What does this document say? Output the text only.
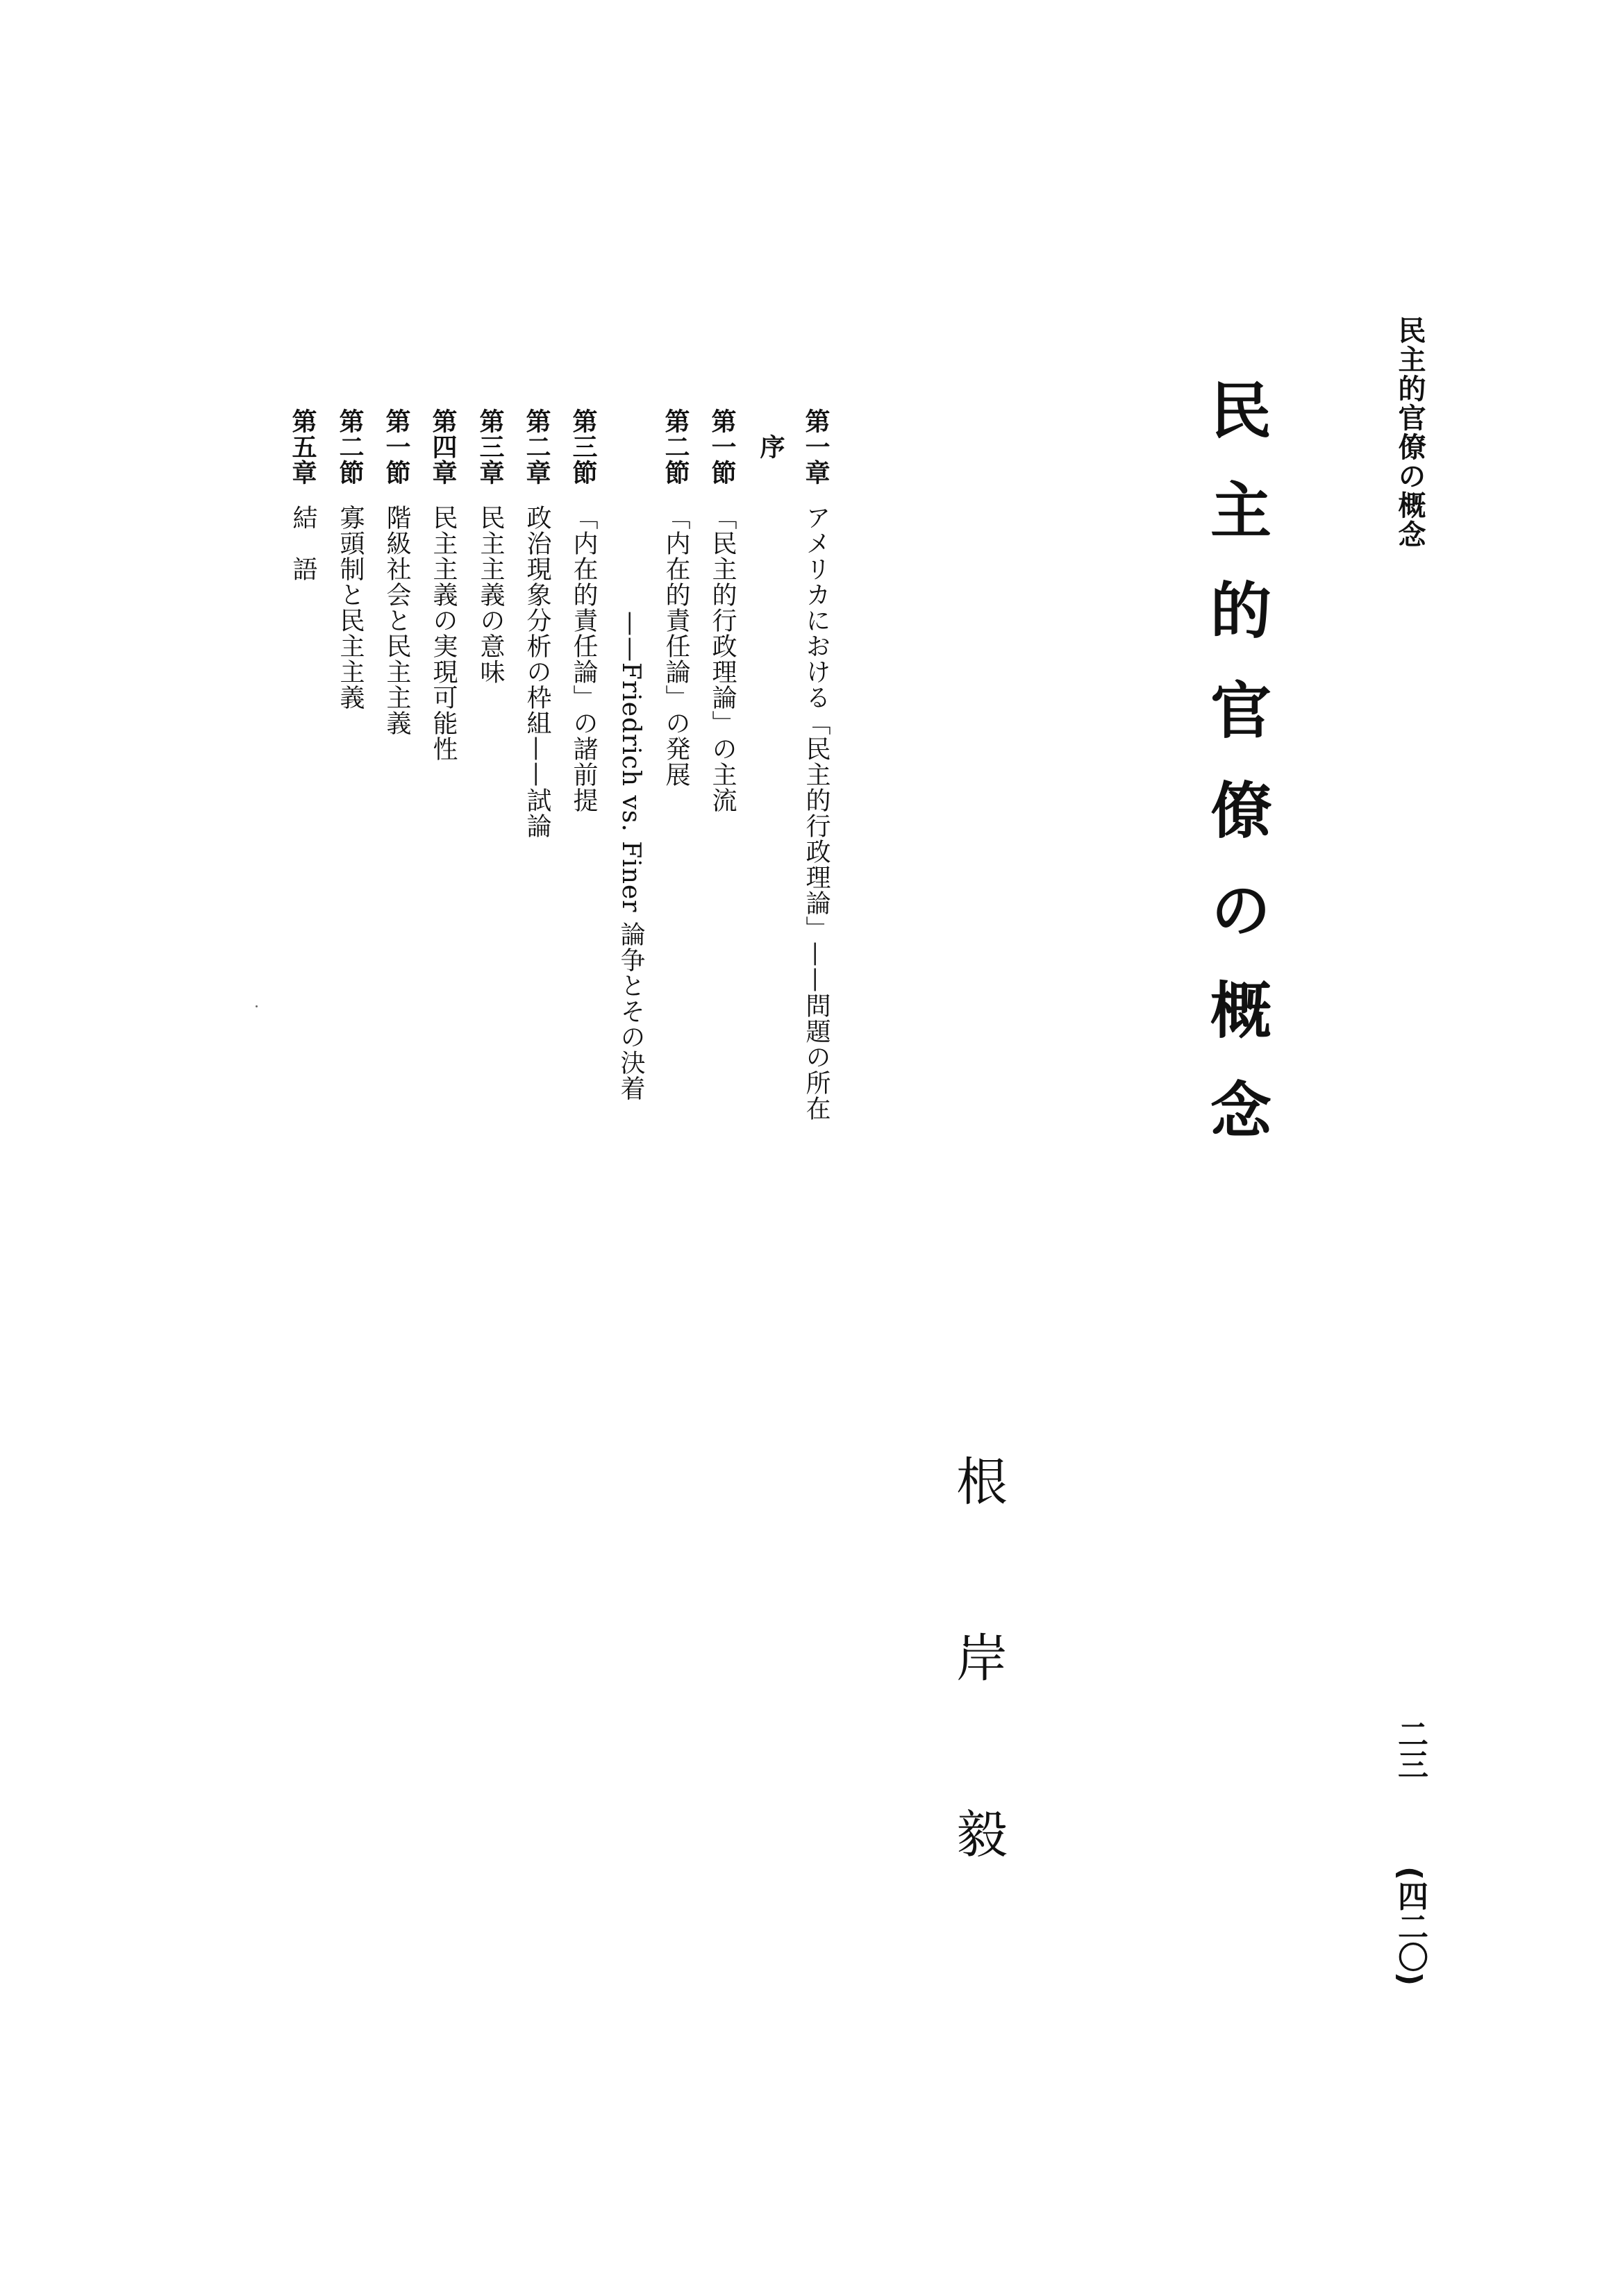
民主的官僚の概念
民主的官僚の概念
根岸毅	二三(四二〇)
第一章アメリカにおける「民主的行政理論」——問題の所在
序
第一節「民主的行政理論」の主流
第二節「内在的責任論」の発展
——Friedrich vs. Finer 論争とその決着
第三節「内在的責任論」の諸前提
第二章政治現象分析の枠組——試論
第三章民主主義の意味
第四章民主主義の実現可能性
第一節階級社会と民主主義
第二節寡頭制と民主主義
第五章結　語
